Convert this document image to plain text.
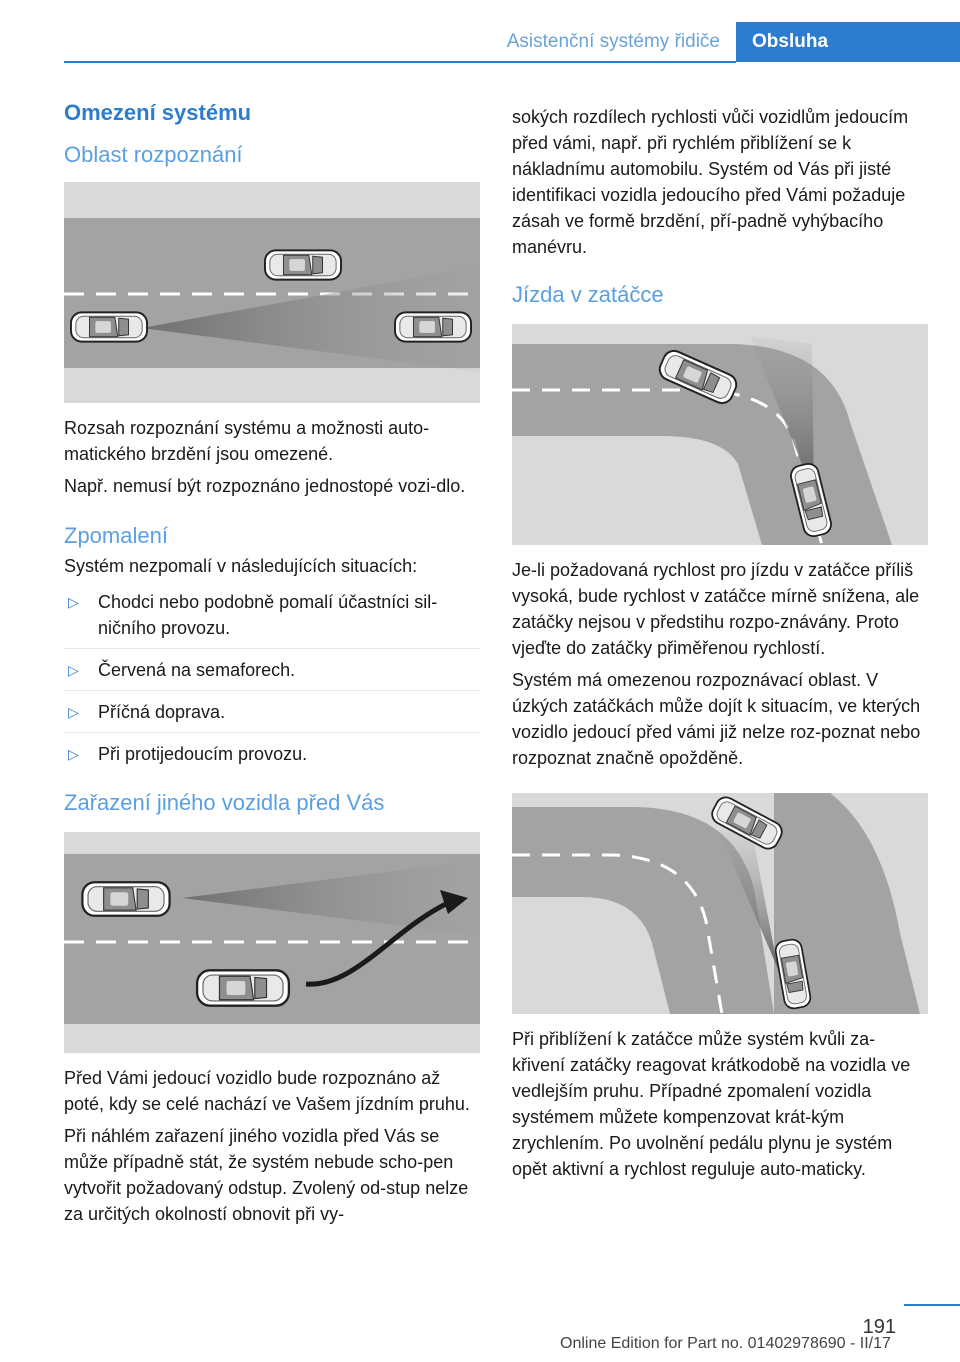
Asistenční systémy řidiče	Obsluha
Omezení systému
Oblast rozpoznání

Rozsah rozpoznání systému a možnosti auto-matického brzdění jsou omezené.

Např. nemusí být rozpoznáno jednostopé vozi-dlo.

Zpomalení

Systém nezpomalí v následujících situacích:

▷ Chodci nebo podobně pomalí účastníci sil-ničního provozu.
▷ Červená na semaforech.
▷ Příčná doprava.
▷ Při protijedoucím provozu.
Zařazení jiného vozidla před Vás

Před Vámi jedoucí vozidlo bude rozpoznáno až poté, kdy se celé nachází ve Vašem jízdním pruhu.

Při náhlém zařazení jiného vozidla před Vás se může případně stát, že systém nebude scho-pen vytvořit požadovaný odstup. Zvolený od-stup nelze za určitých okolností obnovit při vy-

sokých rozdílech rychlosti vůči vozidlům jedoucím před vámi, např. při rychlém přiblížení se k nákladnímu automobilu. Systém od Vás při jisté identifikaci vozidla jedoucího před Vámi požaduje zásah ve formě brzdění, pří-padně vyhýbacího manévru.

Jízda v zatáčce

Je-li požadovaná rychlost pro jízdu v zatáčce příliš vysoká, bude rychlost v zatáčce mírně snížena, ale zatáčky nejsou v předstihu rozpo-znávány. Proto vjeďte do zatáčky přiměřenou rychlostí.

Systém má omezenou rozpoznávací oblast. V úzkých zatáčkách může dojít k situacím, ve kterých vozidlo jedoucí před vámi již nelze roz-poznat nebo rozpoznat značně opožděně.

Při přiblížení k zatáčce může systém kvůli za-křivení zatáčky reagovat krátkodobě na vozidla ve vedlejším pruhu. Případné zpomalení vozidla systémem můžete kompenzovat krát-kým zrychlením. Po uvolnění pedálu plynu je systém opět aktivní a rychlost reguluje auto-maticky.

191
Online Edition for Part no. 01402978690 - II/17
